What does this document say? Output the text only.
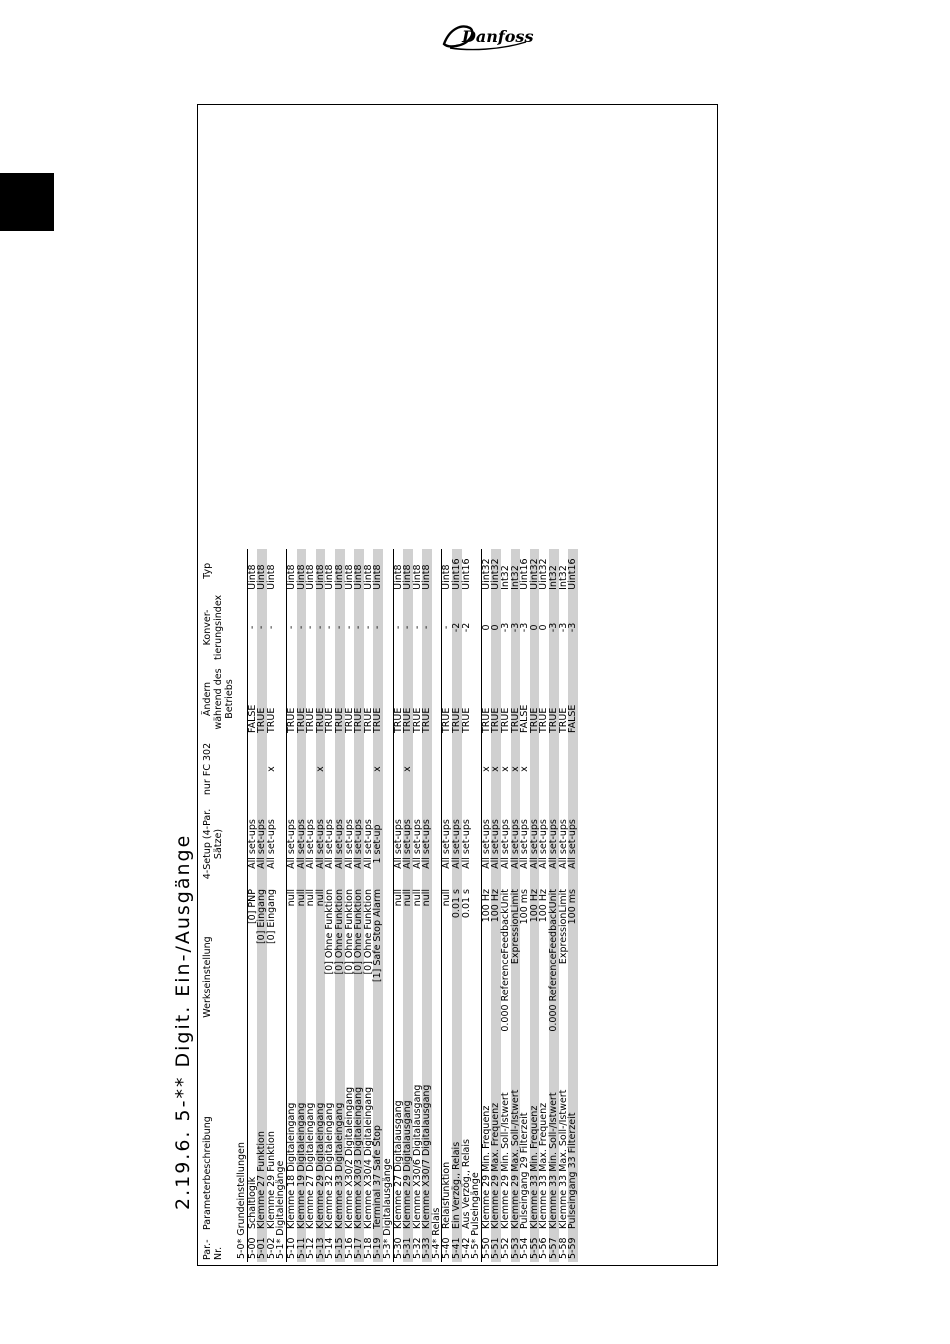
Danfoss
2.19.6. 5-** Digit. Ein-/Ausgänge
Par.-Nr.	Parameterbeschreibung	Werkseinstellung	4-Setup (4-Par. Sätze)	nur FC 302	Ändern während des Betriebs	Konver-tierungsindex	Typ
5-0* Grundeinstellungen							
5-00	Schaltlogik	[0] PNP	All set-ups		FALSE	-	Uint8
5-01	Klemme 27 Funktion	[0] Eingang	All set-ups		TRUE	-	Uint8
5-02	Klemme 29 Funktion	[0] Eingang	All set-ups	x	TRUE	-	Uint8
5-1* Digitaleingänge							
5-10	Klemme 18 Digitaleingang	null	All set-ups		TRUE	-	Uint8
5-11	Klemme 19 Digitaleingang	null	All set-ups		TRUE	-	Uint8
5-12	Klemme 27 Digitaleingang	null	All set-ups		TRUE	-	Uint8
5-13	Klemme 29 Digitaleingang	null	All set-ups	x	TRUE	-	Uint8
5-14	Klemme 32 Digitaleingang	[0] Ohne Funktion	All set-ups		TRUE	-	Uint8
5-15	Klemme 33 Digitaleingang	[0] Ohne Funktion	All set-ups		TRUE	-	Uint8
5-16	Klemme X30/2 Digitaleingang	[0] Ohne Funktion	All set-ups		TRUE	-	Uint8
5-17	Klemme X30/3 Digitaleingang	[0] Ohne Funktion	All set-ups		TRUE	-	Uint8
5-18	Klemme X30/4 Digitaleingang	[0] Ohne Funktion	All set-ups		TRUE	-	Uint8
5-19	Terminal 37 Safe Stop	[1] Safe Stop Alarm	1 set-up	x	TRUE	-	Uint8
5-3* Digitalausgänge							
5-30	Klemme 27 Digitalausgang	null	All set-ups		TRUE	-	Uint8
5-31	Klemme 29 Digitalausgang	null	All set-ups	x	TRUE	-	Uint8
5-32	Klemme X30/6 Digitalausgang	null	All set-ups		TRUE	-	Uint8
5-33	Klemme X30/7 Digitalausgang	null	All set-ups		TRUE	-	Uint8
5-4* Relais							
5-40	Relaisfunktion	null	All set-ups		TRUE	-	Uint8
5-41	Ein Verzög., Relais	0.01 s	All set-ups		TRUE	-2	Uint16
5-42	Aus Verzög., Relais	0.01 s	All set-ups		TRUE	-2	Uint16
5-5* Pulseingänge							
5-50	Klemme 29 Min. Frequenz	100 Hz	All set-ups	x	TRUE	0	Uint32
5-51	Klemme 29 Max. Frequenz	100 Hz	All set-ups	x	TRUE	0	Uint32
5-52	Klemme 29 Min. Soll-/Istwert	0.000 ReferenceFeedbackUnit	All set-ups	x	TRUE	-3	Int32
5-53	Klemme 29 Max. Soll-/Istwert	ExpressionLimit	All set-ups	x	TRUE	-3	Int32
5-54	Pulseingang 29 Filterzeit	100 ms	All set-ups	x	FALSE	-3	Uint16
5-55	Klemme 33 Min. Frequenz	100 Hz	All set-ups		TRUE	0	Uint32
5-56	Klemme 33 Max. Frequenz	100 Hz	All set-ups		TRUE	0	Uint32
5-57	Klemme 33 Min. Soll-/Istwert	0.000 ReferenceFeedbackUnit	All set-ups		TRUE	-3	Int32
5-58	Klemme 33 Max. Soll-/Istwert	ExpressionLimit	All set-ups		TRUE	-3	Int32
5-59	Pulseingang 33 Filterzeit	100 ms	All set-ups		FALSE	-3	Uint16
